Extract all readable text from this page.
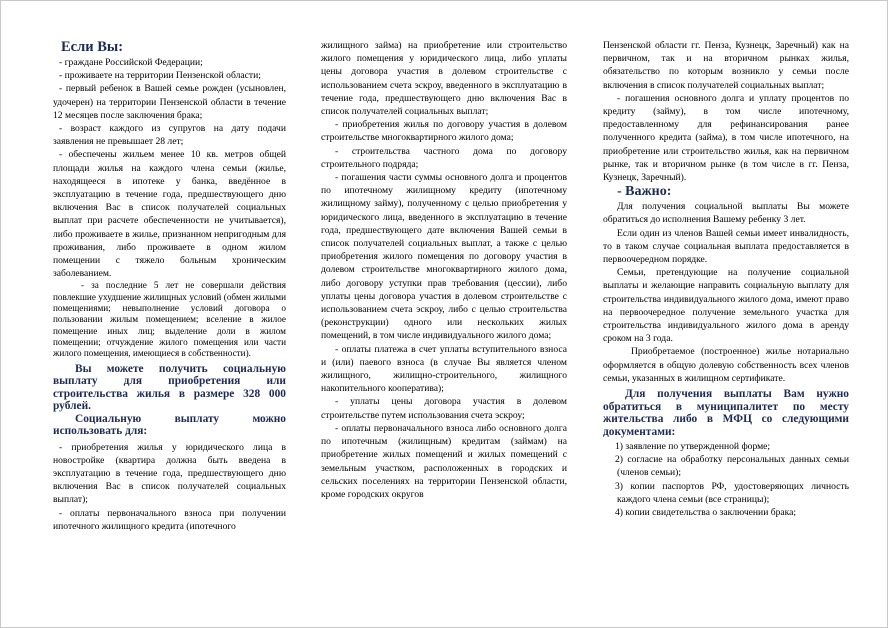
Если Вы:

- граждане Российской Федерации;

- проживаете на территории Пензенской области;

- первый ребенок в Вашей семье рожден (усыновлен, удочерен) на территории Пензенской области в течение 12 месяцев после заключения брака;

- возраст каждого из супругов на дату подачи заявления не превышает 28 лет;

- обеспечены жильем менее 10 кв. метров общей площади жилья на каждого члена семьи (жилье, находящееся в ипотеке у банка, введённое в эксплуатацию в течение года, предшествующего дню включения Вас в список получателей социальных выплат при расчете обеспеченности не учитывается), либо проживаете в жилье, признанном непригодным для проживания, либо проживаете в одном жилом помещении с тяжело больным хроническим заболеванием.

- за последние 5 лет не совершали действия повлекшие ухудшение жилищных условий (обмен жилыми помещениями; невыполнение условий договора о пользовании жилым помещением; вселение в жилое помещение иных лиц; выделение доли в жилом помещении; отчуждение жилого помещения или части жилого помещения, имеющиеся в собственности).

Вы можете получить социальную выплату для приобретения или строительства жилья в размере 328 000 рублей.

Социальную выплату можно использовать для:

- приобретения жилья у юридического лица в новостройке (квартира должна быть введена в эксплуатацию в течение года, предшествующего дню включения Вас в список получателей социальных выплат);

- оплаты первоначального взноса при получении ипотечного жилищного кредита (ипотечного

жилищного займа) на приобретение или строительство жилого помещения у юридического лица, либо уплаты цены договора участия в долевом строительстве с использованием счета эскроу, введенного в эксплуатацию в течение года, предшествующего дню включения Вас в список получателей социальных выплат;

- приобретения жилья по договору участия в долевом строительстве многоквартирного жилого дома;

- строительства частного дома по договору строительного подряда;

- погашения части суммы основного долга и процентов по ипотечному жилищному кредиту (ипотечному жилищному займу), полученному с целью приобретения у юридического лица, введенного в эксплуатацию в течение года, предшествующего дате включения Вашей семьи в список получателей социальных выплат, а также с целью приобретения жилого помещения по договору участия в долевом строительстве многоквартирного жилого дома, либо договору уступки прав требования (цессии), либо уплаты цены договора участия в долевом строительстве с использованием счета эскроу, либо с целью строительства (реконструкции) одного или нескольких жилых помещений, в том числе индивидуального жилого дома;

- оплаты платежа в счет уплаты вступительного взноса и (или) паевого взноса (в случае Вы является членом жилищного, жилищно-строительного, жилищного накопительного кооператива);

- уплаты цены договора участия в долевом строительстве путем использования счета эскроу;

- оплаты первоначального взноса либо основного долга по ипотечным (жилищным) кредитам (займам) на приобретение жилых помещений и жилых помещений с земельным участком, расположенных в городских и сельских поселениях на территории Пензенской области, кроме городских округов

Пензенской области гг. Пенза, Кузнецк, Заречный) как на первичном, так и на вторичном рынках жилья, обязательство по которым возникло у семьи после включения в список получателей социальных выплат;

- погашения основного долга и уплату процентов по кредиту (займу), в том числе ипотечному, предоставленному для рефинансирования ранее полученного кредита (займа), в том числе ипотечного, на приобретение или строительство жилья, как на первичном рынке, так и вторичном рынке (в том числе в гг. Пенза, Кузнецк, Заречный).

- Важно:

Для получения социальной выплаты Вы можете обратиться до исполнения Вашему ребенку 3 лет.

Если один из членов Вашей семьи имеет инвалидность, то в таком случае социальная выплата предоставляется в первоочередном порядке.

Семьи, претендующие на получение социальной выплаты и желающие направить социальную выплату для строительства индивидуального жилого дома, имеют право на первоочередное получение земельного участка для строительства индивидуального жилого дома в аренду сроком на 3 года.

Приобретаемое (построенное) жилье нотариально оформляется в общую долевую собственность всех членов семьи, указанных в жилищном сертификате.

Для получения выплаты Вам нужно обратиться в муниципалитет по месту жительства либо в МФЦ со следующими документами:

1) заявление по утвержденной форме;

2) согласие на обработку персональных данных семьи (членов семьи);

3) копии паспортов РФ, удостоверяющих личность каждого члена семьи (все страницы);

4) копии свидетельства о заключении брака;
